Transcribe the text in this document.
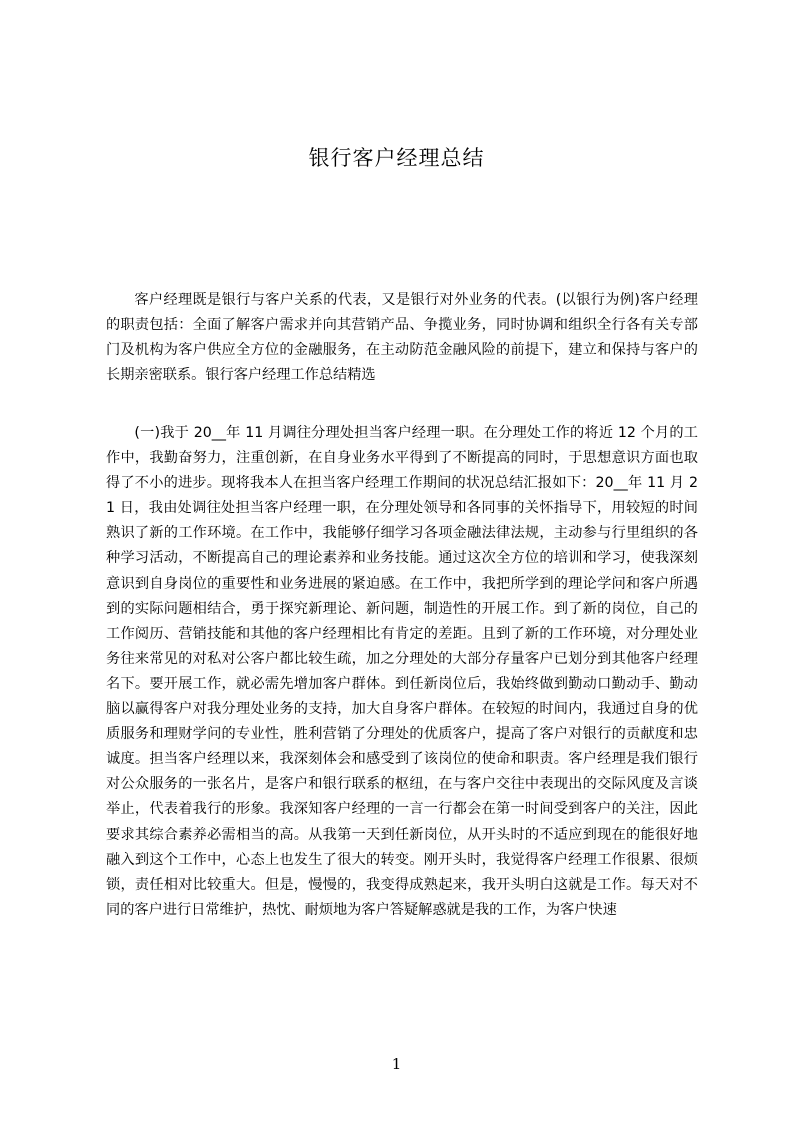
银行客户经理总结

客户经理既是银行与客户关系的代表，又是银行对外业务的代表。(以银行为例)客户经理的职责包括：全面了解客户需求并向其营销产品、争揽业务，同时协调和组织全行各有关专部门及机构为客户供应全方位的金融服务，在主动防范金融风险的前提下，建立和保持与客户的长期亲密联系。银行客户经理工作总结精选

(一)我于 20__年 11 月调往分理处担当客户经理一职。在分理处工作的将近 12 个月的工作中，我勤奋努力，注重创新，在自身业务水平得到了不断提高的同时，于思想意识方面也取得了不小的进步。现将我本人在担当客户经理工作期间的状况总结汇报如下：20__年 11 月 21 日，我由处调往处担当客户经理一职，在分理处领导和各同事的关怀指导下，用较短的时间熟识了新的工作环境。在工作中，我能够仔细学习各项金融法律法规，主动参与行里组织的各种学习活动，不断提高自己的理论素养和业务技能。通过这次全方位的培训和学习，使我深刻意识到自身岗位的重要性和业务进展的紧迫感。在工作中，我把所学到的理论学问和客户所遇到的实际问题相结合，勇于探究新理论、新问题，制造性的开展工作。到了新的岗位，自己的工作阅历、营销技能和其他的客户经理相比有肯定的差距。且到了新的工作环境，对分理处业务往来常见的对私对公客户都比较生疏，加之分理处的大部分存量客户已划分到其他客户经理名下。要开展工作，就必需先增加客户群体。到任新岗位后，我始终做到勤动口勤动手、勤动脑以赢得客户对我分理处业务的支持，加大自身客户群体。在较短的时间内，我通过自身的优质服务和理财学问的专业性，胜利营销了分理处的优质客户，提高了客户对银行的贡献度和忠诚度。担当客户经理以来，我深刻体会和感受到了该岗位的使命和职责。客户经理是我们银行对公众服务的一张名片，是客户和银行联系的枢纽，在与客户交往中表现出的交际风度及言谈举止，代表着我行的形象。我深知客户经理的一言一行都会在第一时间受到客户的关注，因此要求其综合素养必需相当的高。从我第一天到任新岗位，从开头时的不适应到现在的能很好地融入到这个工作中，心态上也发生了很大的转变。刚开头时，我觉得客户经理工作很累、很烦锁，责任相对比较重大。但是，慢慢的，我变得成熟起来，我开头明白这就是工作。每天对不同的客户进行日常维护，热忱、耐烦地为客户答疑解惑就是我的工作，为客户快速

1
